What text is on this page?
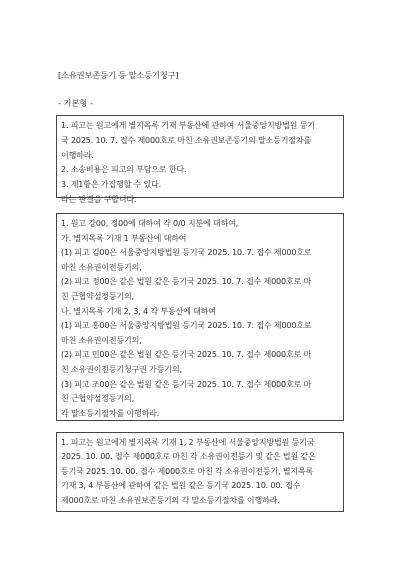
[소유권보존등기 등 말소등기청구]
- 기본형 -
1. 피고는 원고에게 별지목록 기재 부동산에 관하여 서울중앙지방법원 등기
국 2025. 10. 7. 접수 제000호로 마친 소유권보존등기의 말소등기절차를
이행하라.
2. 소송비용은 피고의 부담으로 한다.
3. 제1항은 가집행할 수 있다.
라는 판결을 구합니다.
1. 원고 강00, 정00에 대하여 각 0/0 지분에 대하여,
가. 별지목록 기재 1 부동산에 대하여
(1) 피고 김00은 서울중앙지방법원 등기국 2025. 10. 7. 접수 제000호로
마친 소유권이전등기의,
(2) 피고 정00은 같은 법원 같은 등기국 2025. 10. 7. 접수 제000호로 마
친 근협약설정등기의,
나. 별지목록 기재 2, 3, 4 각 부동산에 대하여
(1) 피고 홍00은 서울중앙지방법원 등기국 2025. 10. 7. 접수 제000호로
마친 소유권이전등기의,
(2) 피고 민00은 같은 법원 같은 등기국 2025. 10. 7. 접수 제000호로 마
친 소유권이전등기청구권 가등기의,
(3) 피고 조00은 같은 법원 같은 등기국 2025. 10. 7. 접수 제000호로 마
친 근협약설정등기의,
각 말소등기절차를 이행하라.
1. 피고는 원고에게 별지목록 기재 1, 2 부동산에 서울중앙지방법원 등기국
2025. 10. 00. 접수 제000호로 마친 각 소유권이전등기 및 같은 법원 같은
등기국 2025. 10. 00. 접수 제000호로 마친 각 소유권이전등기, 별지목록
기재 3, 4 부동산에 관하여 같은 법원 같은 등기국 2025. 10. 00. 접수
제000호로 마친 소유권보존등기의 각 말소등기절차를 이행하라.
